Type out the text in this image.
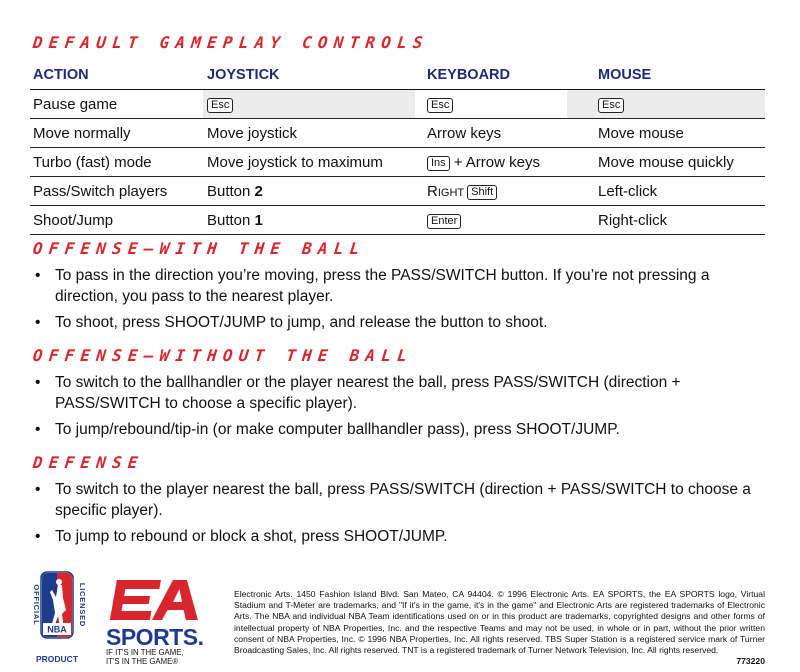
DEFAULT GAMEPLAY CONTROLS
ACTION	JOYSTICK	KEYBOARD	MOUSE
Pause game	Esc	Esc	Esc
Move normally	Move joystick	Arrow keys	Move mouse
Turbo (fast) mode	Move joystick to maximum	Ins + Arrow keys	Move mouse quickly
Pass/Switch players	Button 2	Right Shift	Left-click
Shoot/Jump	Button 1	Enter	Right-click
OFFENSE—WITH THE BALL
• To pass in the direction you’re moving, press the PASS/SWITCH button. If you’re not pressing a direction, you pass to the nearest player.
• To shoot, press SHOOT/JUMP to jump, and release the button to shoot.
OFFENSE—WITHOUT THE BALL
• To switch to the ballhandler or the player nearest the ball, press PASS/SWITCH (direction + PASS/SWITCH to choose a specific player).
• To jump/rebound/tip-in (or make computer ballhandler pass), press SHOOT/JUMP.
DEFENSE
• To switch to the player nearest the ball, press PASS/SWITCH (direction + PASS/SWITCH to choose a specific player).
• To jump to rebound or block a shot, press SHOOT/JUMP.
NBA
OFFICIAL	LICENSED
PRODUCT
SPORTS.
IF IT'S IN THE GAME,
IT'S IN THE GAME®
Electronic Arts. 1450 Fashion Island Blvd. San Mateo, CA 94404. © 1996 Electronic Arts. EA SPORTS, the EA SPORTS logo, Virtual Stadium and T-Meter are trademarks, and "If it's in the game, it's in the game" and Electronic Arts are registered trademarks of Electronic Arts. The NBA and individual NBA Team identifications used on or in this product are trademarks, copyrighted designs and other forms of intellectual property of NBA Properties, Inc. and the respective Teams and may not be used, in whole or in part, without the prior written consent of NBA Properties, Inc. © 1996 NBA Properties, Inc. All rights reserved. TBS Super Station is a registered service mark of Turner Broadcasting Sales, Inc. All rights reserved. TNT is a registered trademark of Turner Network Television, Inc. All rights reserved.
773220
